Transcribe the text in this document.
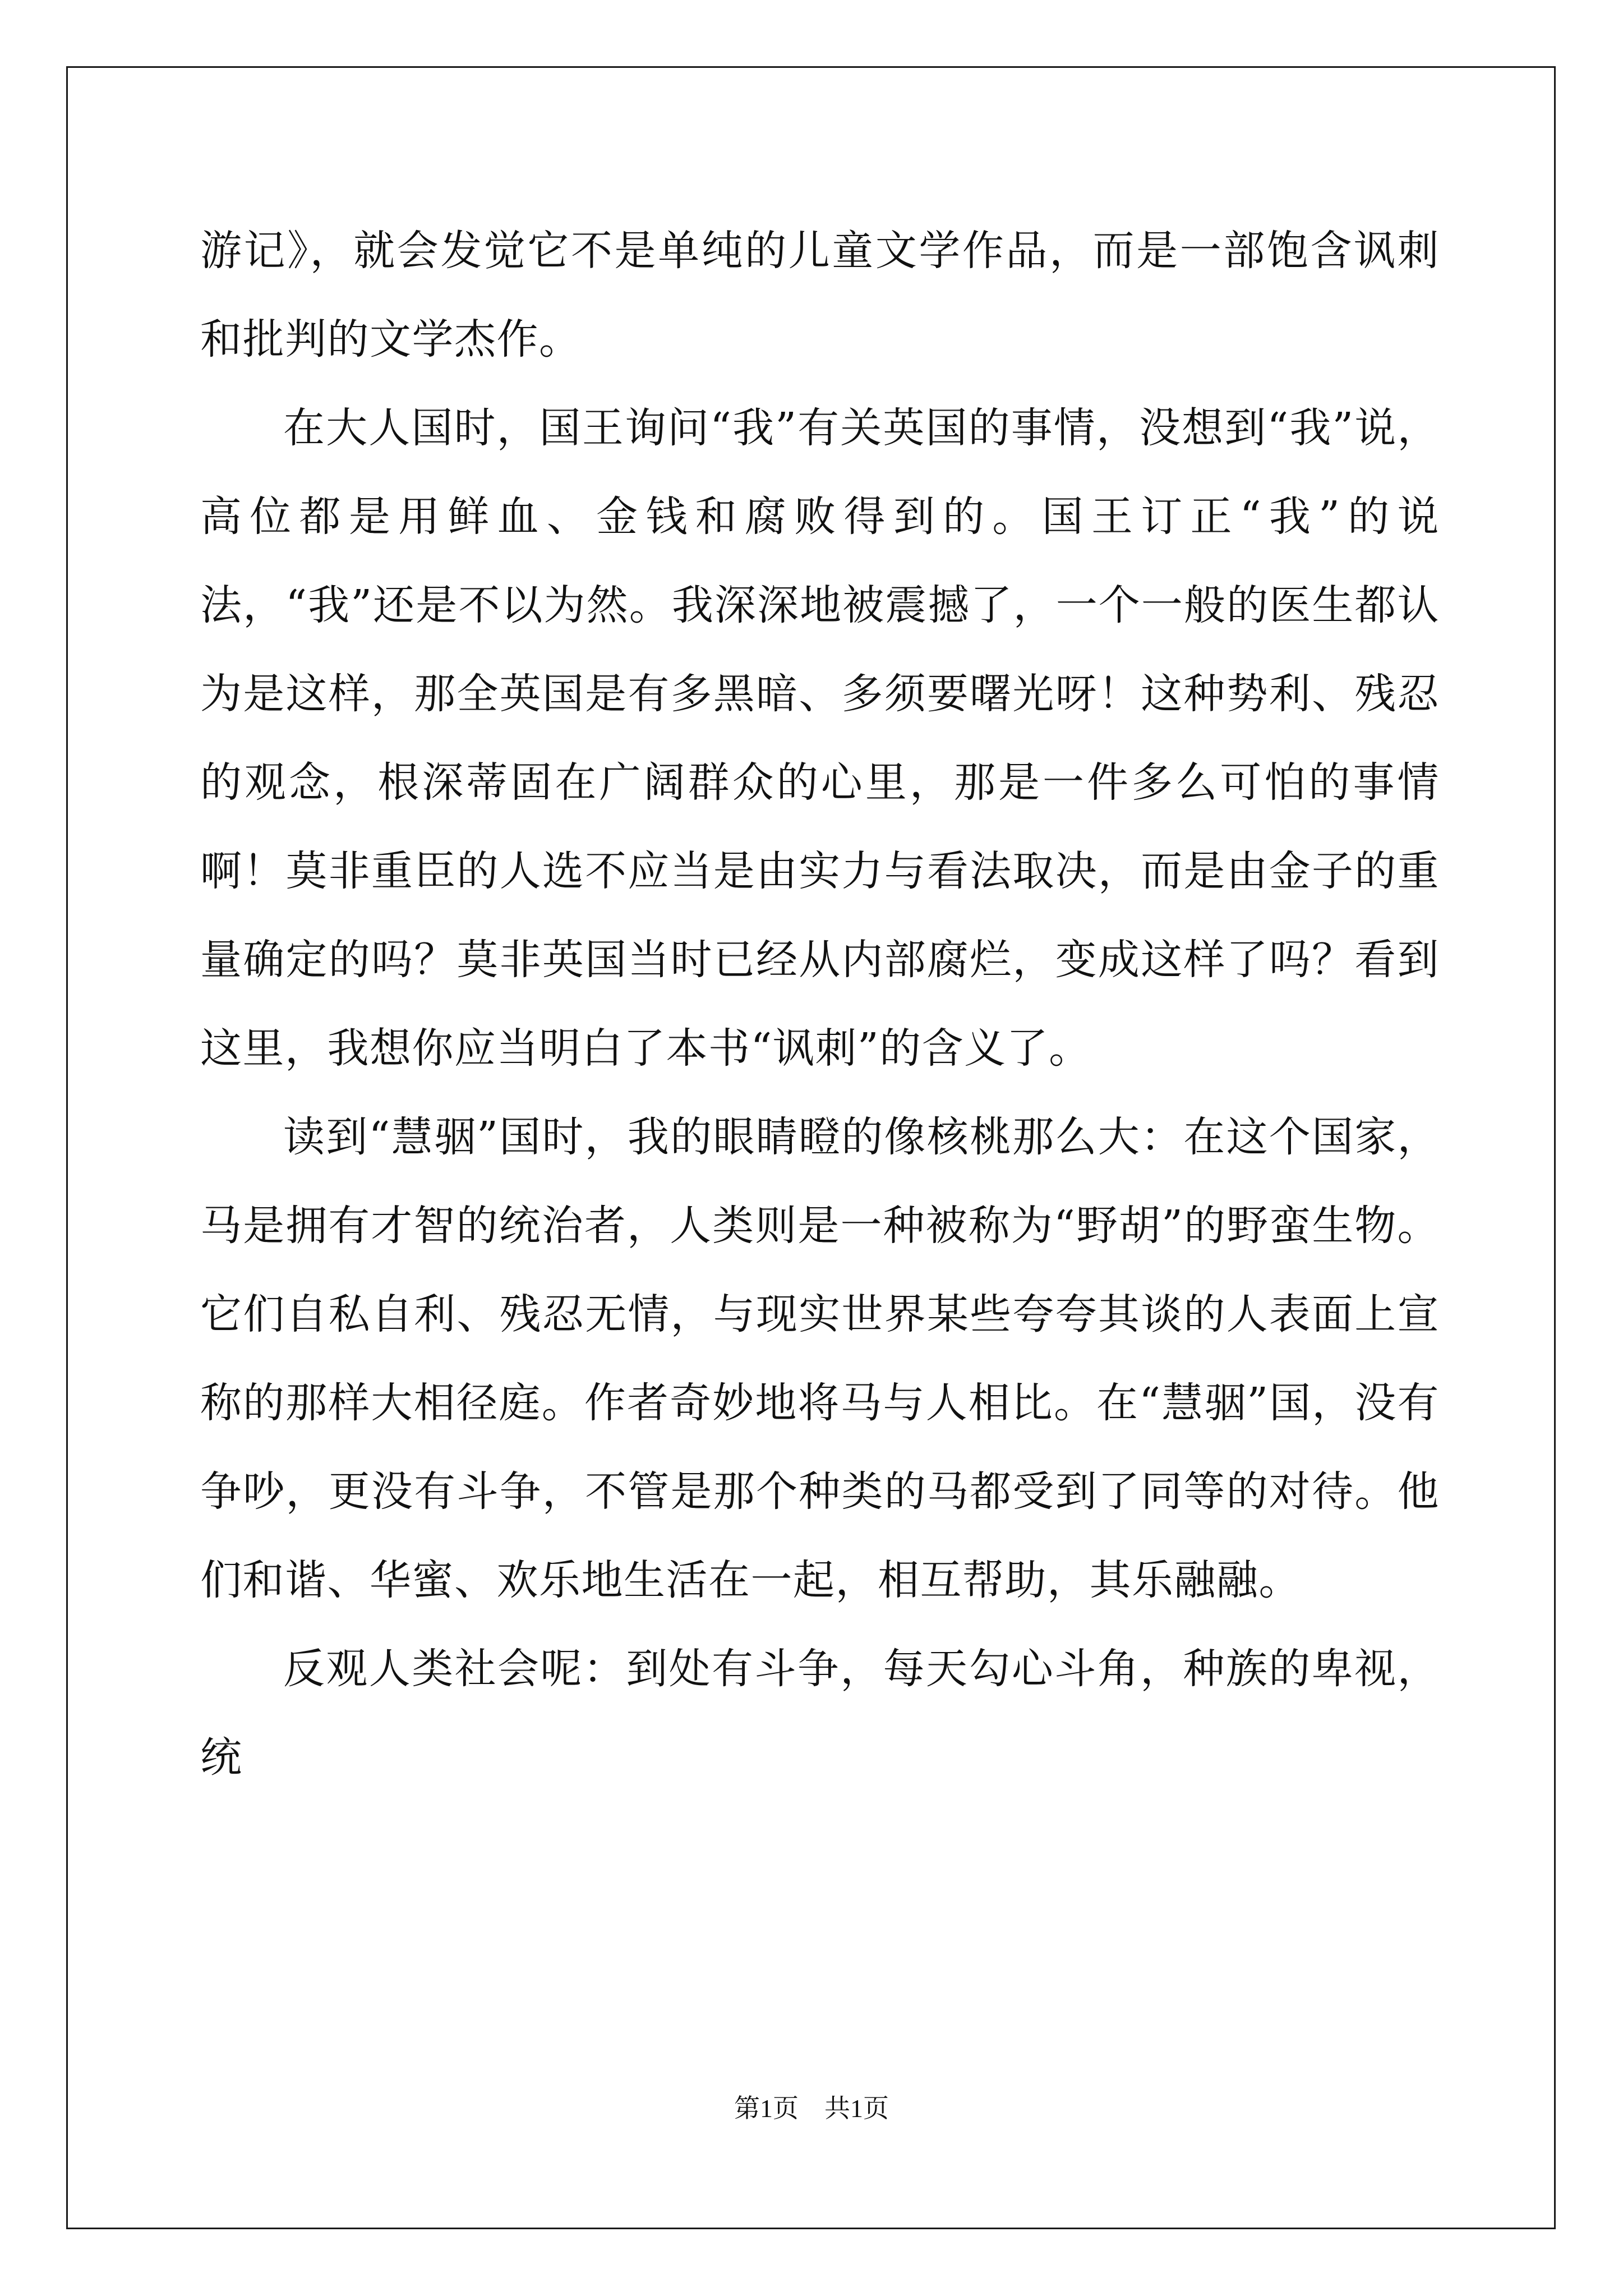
游记》，就会发觉它不是单纯的儿童文学作品，而是一部饱含讽刺和批判的文学杰作。

在大人国时，国王询问“我”有关英国的事情，没想到“我”说，高位都是用鲜血、金钱和腐败得到的。国王订正“我”的说法，“我”还是不以为然。我深深地被震撼了，一个一般的医生都认为是这样，那全英国是有多黑暗、多须要曙光呀！这种势利、残忍的观念，根深蒂固在广阔群众的心里，那是一件多么可怕的事情啊！莫非重臣的人选不应当是由实力与看法取决，而是由金子的重量确定的吗？莫非英国当时已经从内部腐烂，变成这样了吗？看到这里，我想你应当明白了本书“讽刺”的含义了。

读到“慧骃”国时，我的眼睛瞪的像核桃那么大：在这个国家，马是拥有才智的统治者，人类则是一种被称为“野胡”的野蛮生物。它们自私自利、残忍无情，与现实世界某些夸夸其谈的人表面上宣称的那样大相径庭。作者奇妙地将马与人相比。在“慧骃”国，没有争吵，更没有斗争，不管是那个种类的马都受到了同等的对待。他们和谐、华蜜、欢乐地生活在一起，相互帮助，其乐融融。

反观人类社会呢：到处有斗争，每天勾心斗角，种族的卑视，统

第1页　共1页
